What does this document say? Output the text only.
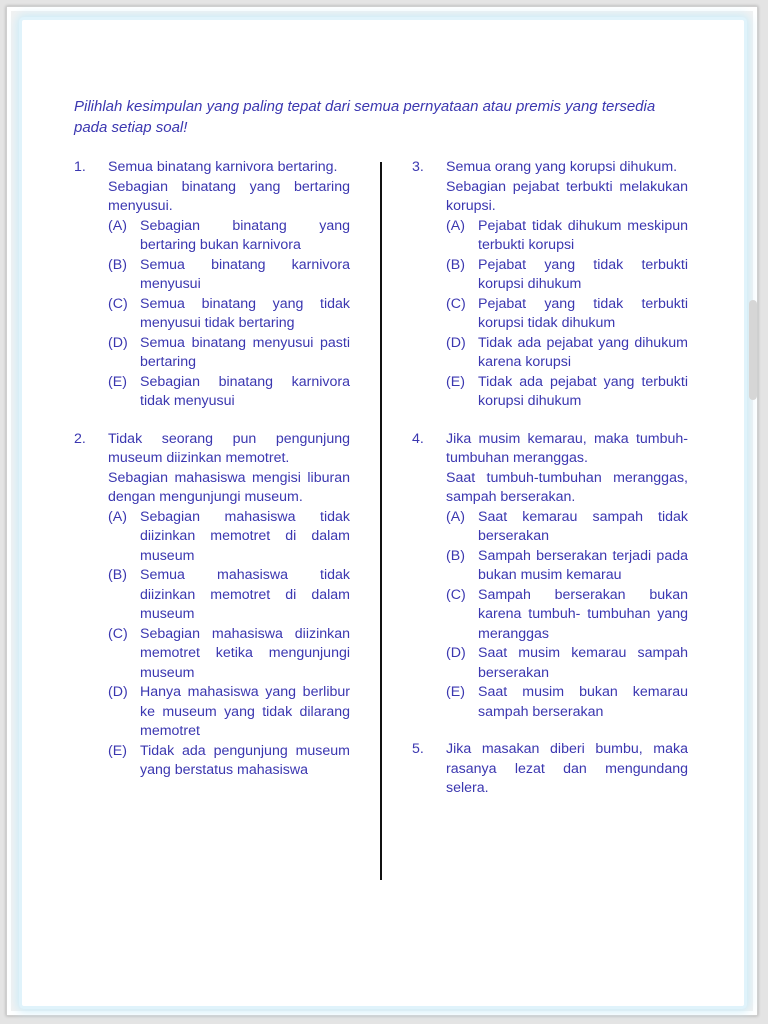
Pilihlah kesimpulan yang paling tepat dari semua pernyataan atau premis yang tersedia pada setiap soal!

1. Semua binatang karnivora bertaring.
Sebagian binatang yang bertaring menyusui.
(A) Sebagian binatang yang bertaring bukan karnivora
(B) Semua binatang karnivora menyusui
(C) Semua binatang yang tidak menyusui tidak bertaring
(D) Semua binatang menyusui pasti bertaring
(E) Sebagian binatang karnivora tidak menyusui
2. Tidak seorang pun pengunjung museum diizinkan memotret.
Sebagian mahasiswa mengisi liburan dengan mengunjungi museum.
(A) Sebagian mahasiswa tidak diizinkan memotret di dalam museum
(B) Semua mahasiswa tidak diizinkan memotret di dalam museum
(C) Sebagian mahasiswa diizinkan memotret ketika mengunjungi museum
(D) Hanya mahasiswa yang berlibur ke museum yang tidak dilarang memotret
(E) Tidak ada pengunjung museum yang berstatus mahasiswa
3. Semua orang yang korupsi dihukum.
Sebagian pejabat terbukti melakukan korupsi.
(A) Pejabat tidak dihukum meskipun terbukti korupsi
(B) Pejabat yang tidak terbukti korupsi dihukum
(C) Pejabat yang tidak terbukti korupsi tidak dihukum
(D) Tidak ada pejabat yang dihukum karena korupsi
(E) Tidak ada pejabat yang terbukti korupsi dihukum
4. Jika musim kemarau, maka tumbuh-tumbuhan meranggas.
Saat tumbuh-tumbuhan meranggas, sampah berserakan.
(A) Saat kemarau sampah tidak berserakan
(B) Sampah berserakan terjadi pada bukan musim kemarau
(C) Sampah berserakan bukan karena tumbuh- tumbuhan yang meranggas
(D) Saat musim kemarau sampah berserakan
(E) Saat musim bukan kemarau sampah berserakan
5. Jika masakan diberi bumbu, maka rasanya lezat dan mengundang selera.
